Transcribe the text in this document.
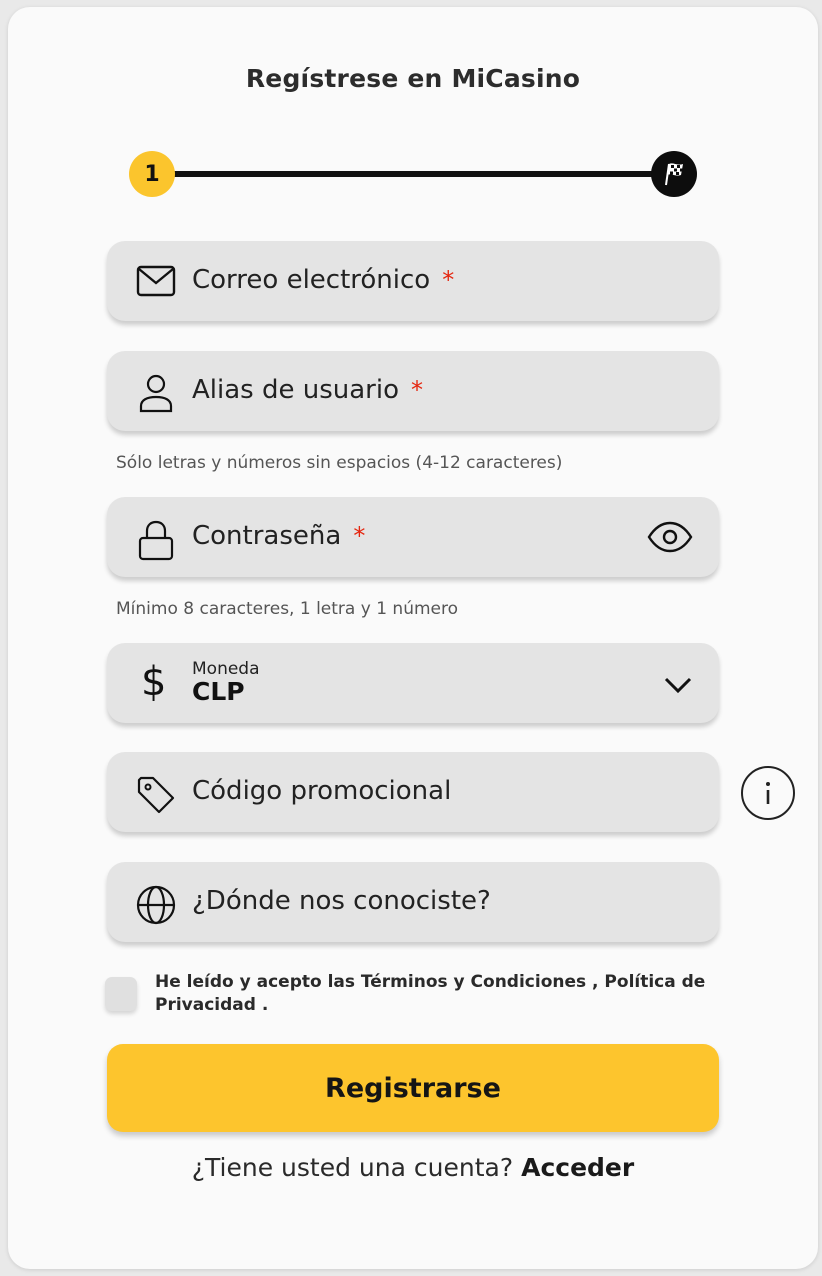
Regístrese en MiCasino
1
Correo electrónico *
Alias de usuario *
Sólo letras y números sin espacios (4-12 caracteres)
Contraseña *
Mínimo 8 caracteres, 1 letra y 1 número
$	Moneda
CLP
Código promocional
¿Dónde nos conociste?
He leído y acepto las Términos y Condiciones , Política de Privacidad .
Registrarse
¿Tiene usted una cuenta? Acceder
